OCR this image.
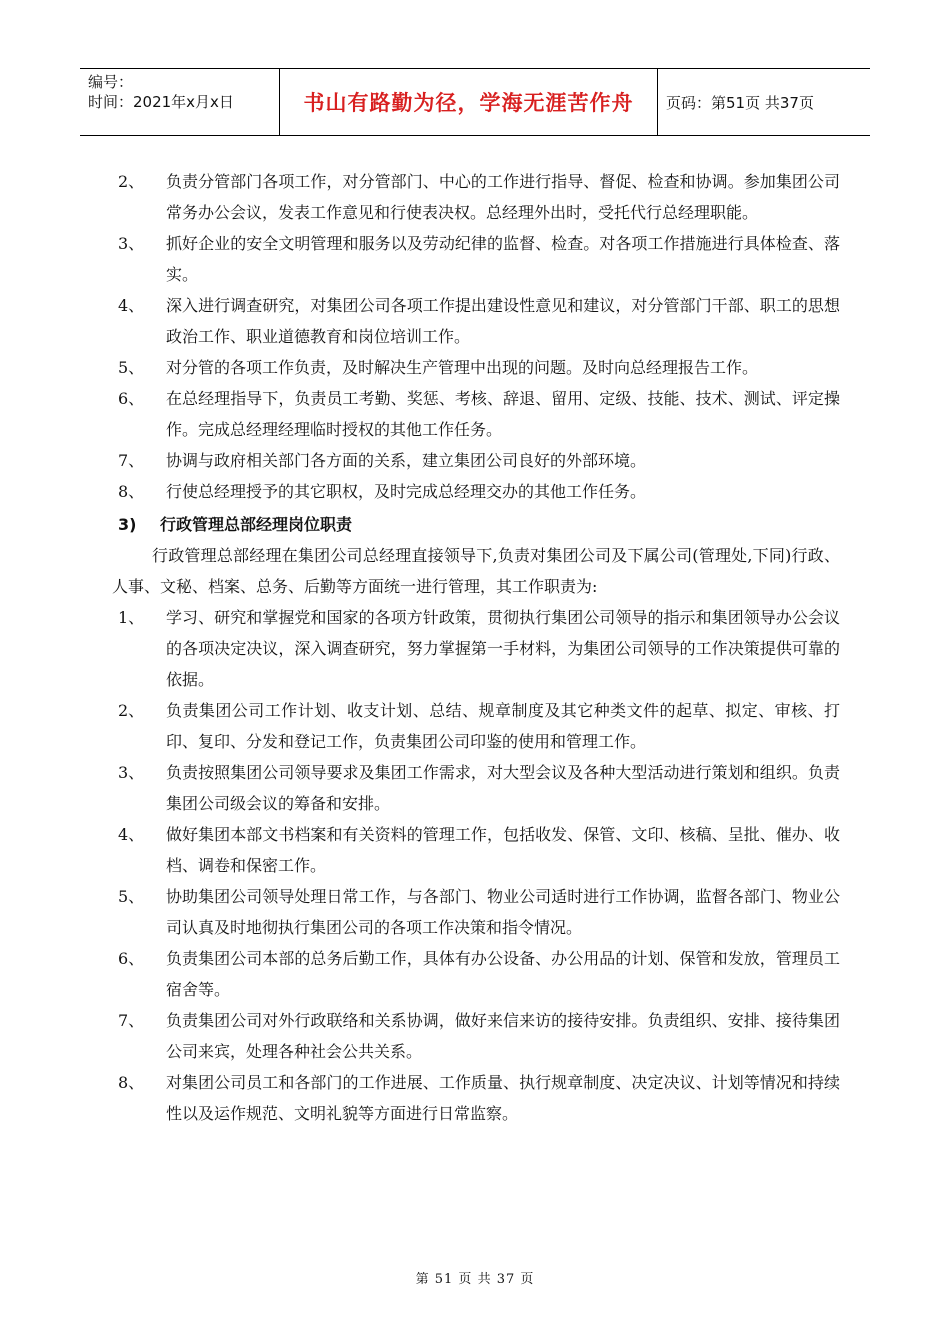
编号：
时间：2021年x月x日	书山有路勤为径，学海无涯苦作舟	页码：第51页 共37页
2、 负责分管部门各项工作，对分管部门、中心的工作进行指导、督促、检查和协调。参加集团公司常务办公会议，发表工作意见和行使表决权。总经理外出时，受托代行总经理职能。
3、 抓好企业的安全文明管理和服务以及劳动纪律的监督、检查。对各项工作措施进行具体检查、落实。
4、 深入进行调查研究，对集团公司各项工作提出建设性意见和建议，对分管部门干部、职工的思想政治工作、职业道德教育和岗位培训工作。
5、 对分管的各项工作负责，及时解决生产管理中出现的问题。及时向总经理报告工作。
6、 在总经理指导下，负责员工考勤、奖惩、考核、辞退、留用、定级、技能、技术、测试、评定操作。完成总经理经理临时授权的其他工作任务。
7、 协调与政府相关部门各方面的关系，建立集团公司良好的外部环境。
8、 行使总经理授予的其它职权，及时完成总经理交办的其他工作任务。
3) 行政管理总部经理岗位职责
行政管理总部经理在集团公司总经理直接领导下,负责对集团公司及下属公司(管理处,下同)行政、人事、文秘、档案、总务、后勤等方面统一进行管理，其工作职责为:
1、 学习、研究和掌握党和国家的各项方针政策，贯彻执行集团公司领导的指示和集团领导办公会议的各项决定决议，深入调查研究，努力掌握第一手材料，为集团公司领导的工作决策提供可靠的依据。
2、 负责集团公司工作计划、收支计划、总结、规章制度及其它种类文件的起草、拟定、审核、打印、复印、分发和登记工作，负责集团公司印鉴的使用和管理工作。
3、 负责按照集团公司领导要求及集团工作需求，对大型会议及各种大型活动进行策划和组织。负责集团公司级会议的筹备和安排。
4、 做好集团本部文书档案和有关资料的管理工作，包括收发、保管、文印、核稿、呈批、催办、收档、调卷和保密工作。
5、 协助集团公司领导处理日常工作，与各部门、物业公司适时进行工作协调，监督各部门、物业公司认真及时地彻执行集团公司的各项工作决策和指令情况。
6、 负责集团公司本部的总务后勤工作，具体有办公设备、办公用品的计划、保管和发放，管理员工宿舍等。
7、 负责集团公司对外行政联络和关系协调，做好来信来访的接待安排。负责组织、安排、接待集团公司来宾，处理各种社会公共关系。
8、 对集团公司员工和各部门的工作进展、工作质量、执行规章制度、决定决议、计划等情况和持续性以及运作规范、文明礼貌等方面进行日常监察。
第 51 页 共 37 页
